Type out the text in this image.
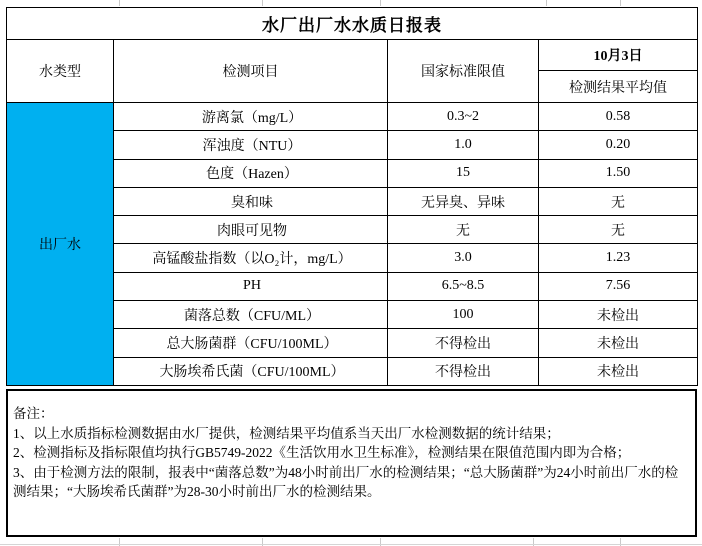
水厂出厂水水质日报表			
水类型	检测项目	国家标准限值	10月3日
			检测结果平均值
出厂水	游离氯（mg/L）	0.3~2	0.58
	浑浊度（NTU）	1.0	0.20
	色度（Hazen）	15	1.50
	臭和味	无异臭、异味	无
	肉眼可见物	无	无
	高锰酸盐指数（以O₂计，mg/L）	3.0	1.23
	PH	6.5~8.5	7.56
	菌落总数（CFU/ML）	100	未检出
	总大肠菌群（CFU/100ML）	不得检出	未检出
	大肠埃希氏菌（CFU/100ML）	不得检出	未检出
备注：
1、以上水质指标检测数据由水厂提供，检测结果平均值系当天出厂水检测数据的统计结果；
2、检测指标及指标限值均执行GB5749-2022《生活饮用水卫生标准》，检测结果在限值范围内即为合格；
3、由于检测方法的限制，报表中“菌落总数”为48小时前出厂水的检测结果；“总大肠菌群”为24小时前出厂水的检测结果；“大肠埃希氏菌群”为28-30小时前出厂水的检测结果。
